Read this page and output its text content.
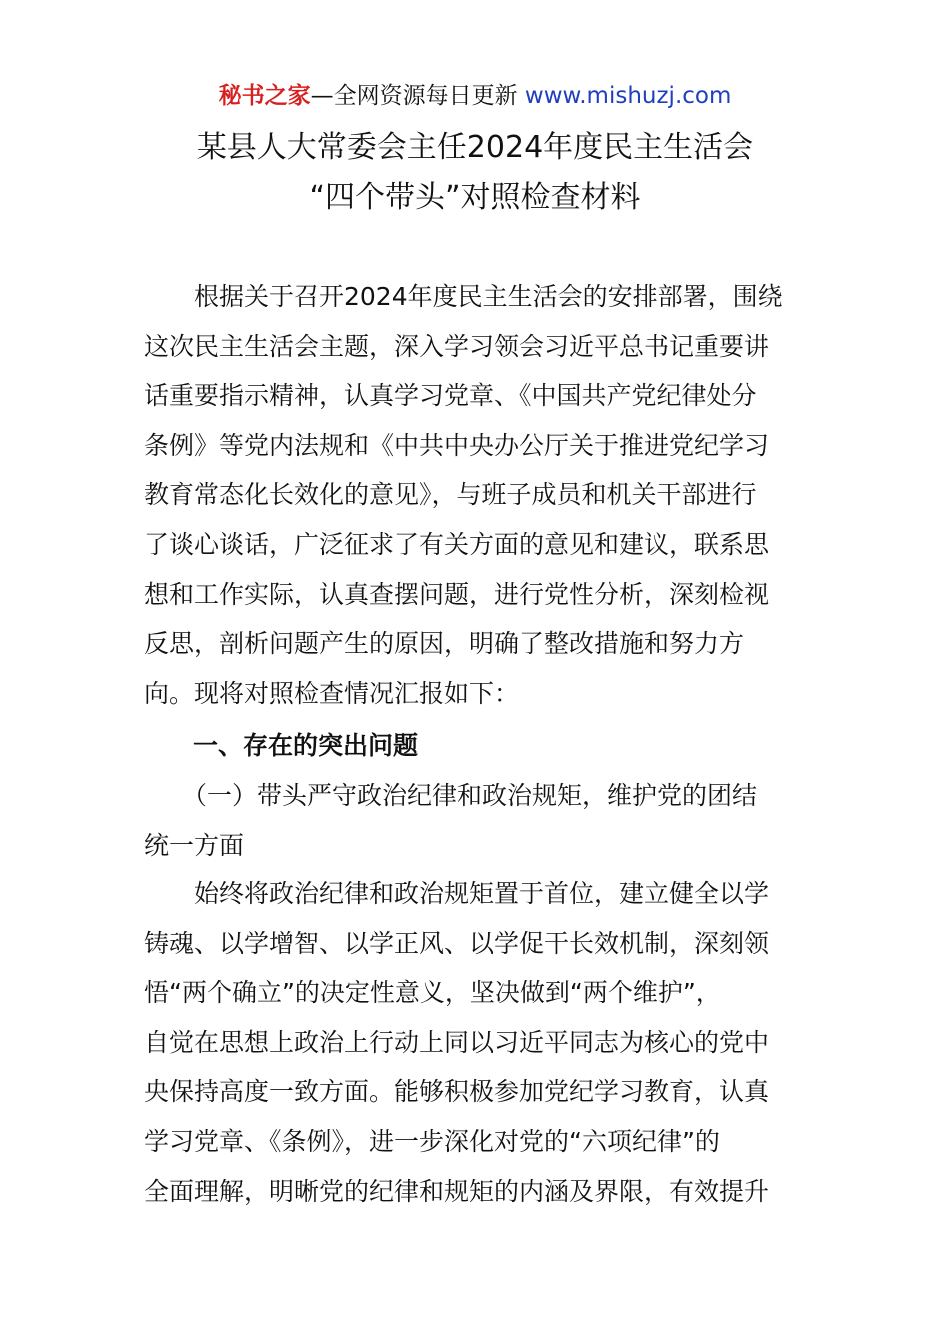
秘书之家—全网资源每日更新 www.mishuzj.com
某县人大常委会主任2024年度民主生活会
“四个带头”对照检查材料

根据关于召开2024年度民主生活会的安排部署，围绕
这次民主生活会主题，深入学习领会习近平总书记重要讲
话重要指示精神，认真学习党章、《中国共产党纪律处分
条例》等党内法规和《中共中央办公厅关于推进党纪学习
教育常态化长效化的意见》，与班子成员和机关干部进行
了谈心谈话，广泛征求了有关方面的意见和建议，联系思
想和工作实际，认真查摆问题，进行党性分析，深刻检视
反思，剖析问题产生的原因，明确了整改措施和努力方
向。现将对照检查情况汇报如下：

一、存在的突出问题

（一）带头严守政治纪律和政治规矩，维护党的团结
统一方面

始终将政治纪律和政治规矩置于首位，建立健全以学
铸魂、以学增智、以学正风、以学促干长效机制，深刻领
悟“两个确立”的决定性意义，坚决做到“两个维护”，
自觉在思想上政治上行动上同以习近平同志为核心的党中
央保持高度一致方面。能够积极参加党纪学习教育，认真
学习党章、《条例》，进一步深化对党的“六项纪律”的
全面理解，明晰党的纪律和规矩的内涵及界限，有效提升
